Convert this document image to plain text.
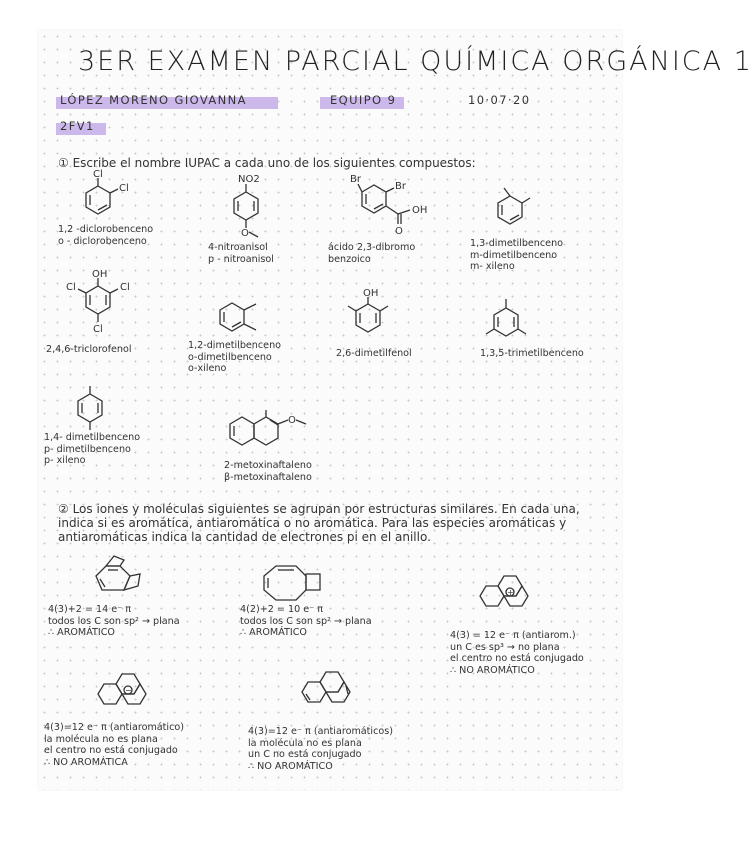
3ER EXAMEN PARCIAL QUÍMICA ORGÁNICA 1
LÓPEZ MORENO GIOVANNA	EQUIPO 9	10·07·20
2FV1
① Escribe el nombre IUPAC a cada uno de los siguientes compuestos:
Cl
Cl
NO2
O
Br
Br
OH
O
1,2 -diclorobenceno
o - diclorobenceno
4-nitroanisol
p - nitroanisol
ácido 2,3-dibromo
benzoico
1,3-dimetilbenceno
m-dimetilbenceno
m- xileno
OH
Cl	Cl
Cl
OH
2,4,6-triclorofenol	1,2-dimetilbenceno
o-dimetilbenceno
o-xileno
2,6-dimetilfenol	1,3,5-trimetilbenceno
O
1,4- dimetilbenceno
p- dimetilbenceno
p- xileno	2-metoxinaftaleno
β-metoxinaftaleno
② Los iones y moléculas siguientes se agrupan por estructuras similares. En cada una, indica si es aromática, antiaromática o no aromática. Para las especies aromáticas y antiaromáticas indica la cantidad de electrones pi en el anillo.
+
−
4(3)+2 = 14 e⁻ π
todos los C son sp² → plana
∴ AROMÁTICO
4(2)+2 = 10 e⁻ π
todos los C son sp² → plana
∴ AROMÁTICO	4(3) = 12 e⁻ π (antiarom.)
un C es sp³ → no plana
el centro no está conjugado
∴ NO AROMÁTICO
4(3)=12 e⁻ π (antiaromático)
la molécula no es plana
el centro no está conjugado
∴ NO AROMÁTICA
4(3)=12 e⁻ π (antiaromáticos)
la molécula no es plana
un C no está conjugado
∴ NO AROMÁTICO
